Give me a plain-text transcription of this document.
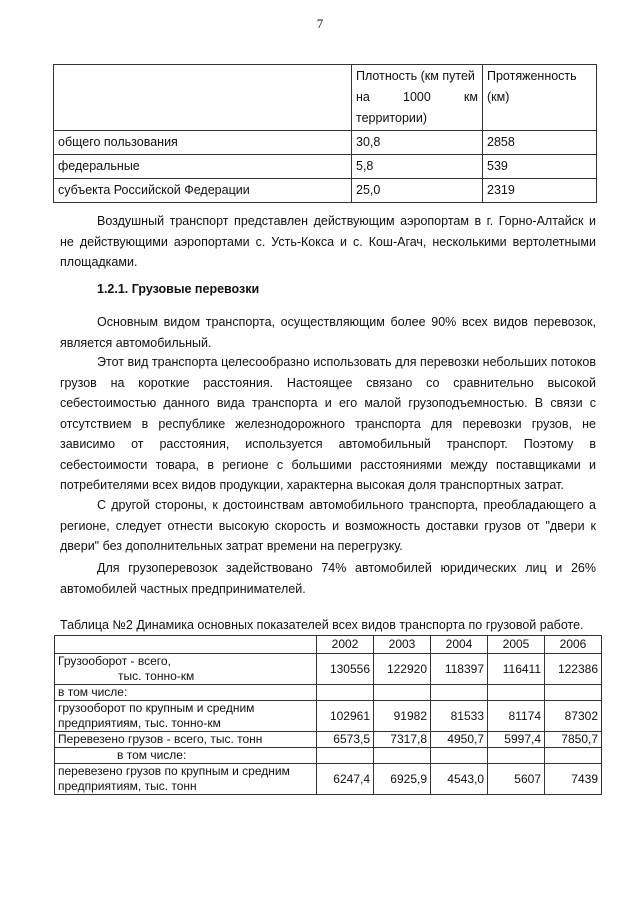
7

	Плотность (км путей
на 1000 км
территории)	Протяженность
(км)

общего пользования	30,8	2858
федеральные	5,8	539
субъекта Российской Федерации	25,0	2319

Воздушный транспорт представлен действующим аэропортам в г. Горно-Алтайск и не действующими аэропортами с. Усть-Кокса и с. Кош-Агач, несколькими вертолетными площадками.

1.2.1. Грузовые перевозки

Основным видом транспорта, осуществляющим более 90% всех видов перевозок, является автомобильный.

Этот вид транспорта целесообразно использовать для перевозки небольших потоков грузов на короткие расстояния. Настоящее связано со сравнительно высокой себестоимостью данного вида транспорта и его малой грузоподъемностью. В связи с отсутствием в республике железнодорожного транспорта для перевозки грузов, не зависимо от расстояния, используется автомобильный транспорт. Поэтому в себестоимости товара, в регионе с большими расстояниями между поставщиками и потребителями всех видов продукции, характерна высокая доля транспортных затрат.

С другой стороны, к достоинствам автомобильного транспорта, преобладающего а регионе, следует отнести высокую скорость и возможность доставки грузов от "двери к двери" без дополнительных затрат времени на перегрузку.

Для грузоперевозок задействовано 74% автомобилей юридических лиц и 26% автомобилей частных предпринимателей.

Таблица №2 Динамика основных показателей всех видов транспорта по грузовой работе.
	2002	2003	2004	2005	2006

Грузооборот - всего,
тыс. тонно-км	130556	122920	118397	116411	122386
в том числе:					

грузооборот по крупным и средним
предприятиям, тыс. тонно-км	102961	91982	81533	81174	87302
Перевезено грузов - всего, тыс. тонн	6573,5	7317,8	4950,7	5997,4	7850,7
в том числе:					

перевезено грузов по крупным и средним
предприятиям, тыс. тонн	6247,4	6925,9	4543,0	5607	7439
